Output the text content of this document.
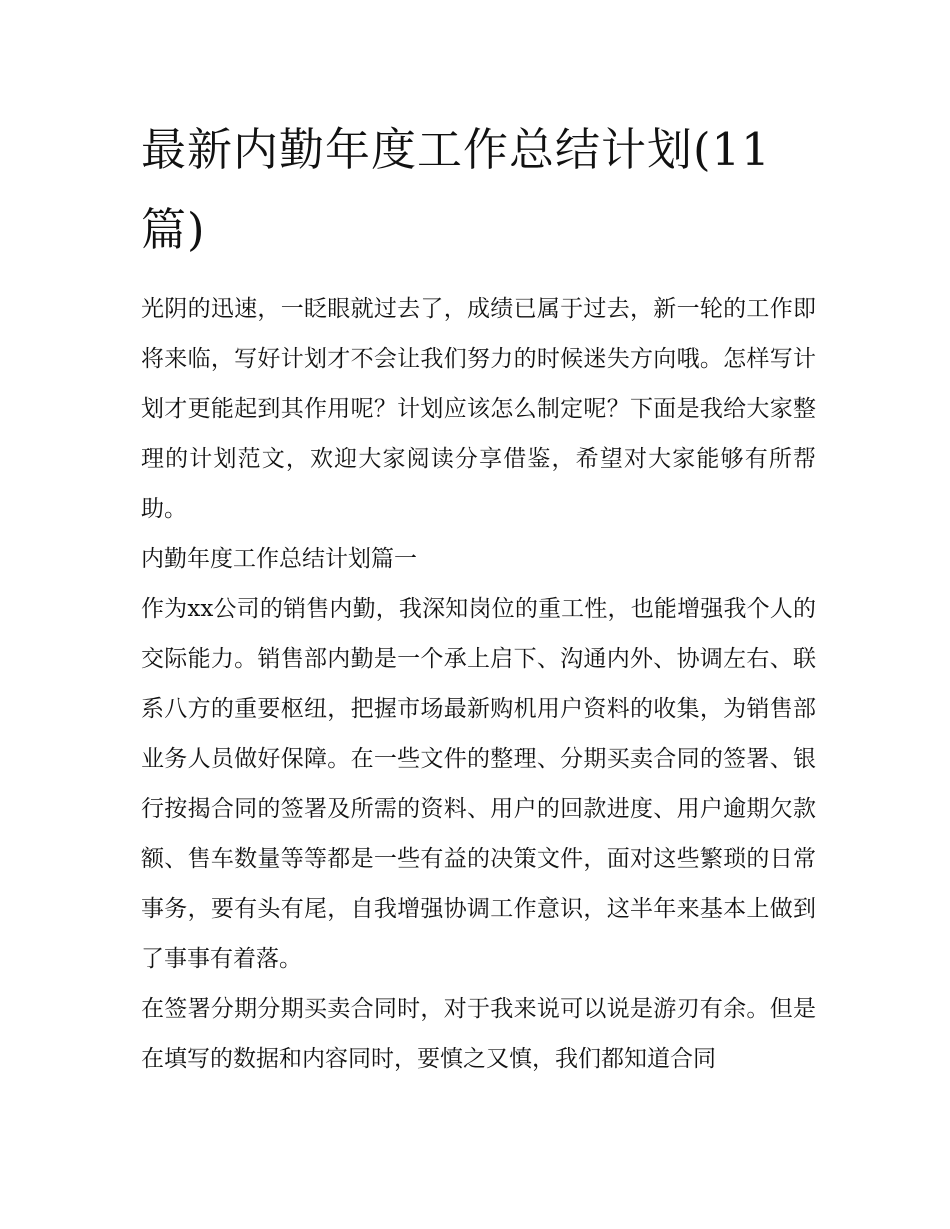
最新内勤年度工作总结计划(11篇)

光阴的迅速，一眨眼就过去了，成绩已属于过去，新一轮的工作即将来临，写好计划才不会让我们努力的时候迷失方向哦。怎样写计划才更能起到其作用呢？计划应该怎么制定呢？下面是我给大家整理的计划范文，欢迎大家阅读分享借鉴，希望对大家能够有所帮助。

内勤年度工作总结计划篇一

作为xx公司的销售内勤，我深知岗位的重工性，也能增强我个人的交际能力。销售部内勤是一个承上启下、沟通内外、协调左右、联系八方的重要枢纽，把握市场最新购机用户资料的收集，为销售部业务人员做好保障。在一些文件的整理、分期买卖合同的签署、银行按揭合同的签署及所需的资料、用户的回款进度、用户逾期欠款额、售车数量等等都是一些有益的决策文件，面对这些繁琐的日常事务，要有头有尾，自我增强协调工作意识，这半年来基本上做到了事事有着落。

在签署分期分期买卖合同时，对于我来说可以说是游刃有余。但是在填写的数据和内容同时，要慎之又慎，我们都知道合同
